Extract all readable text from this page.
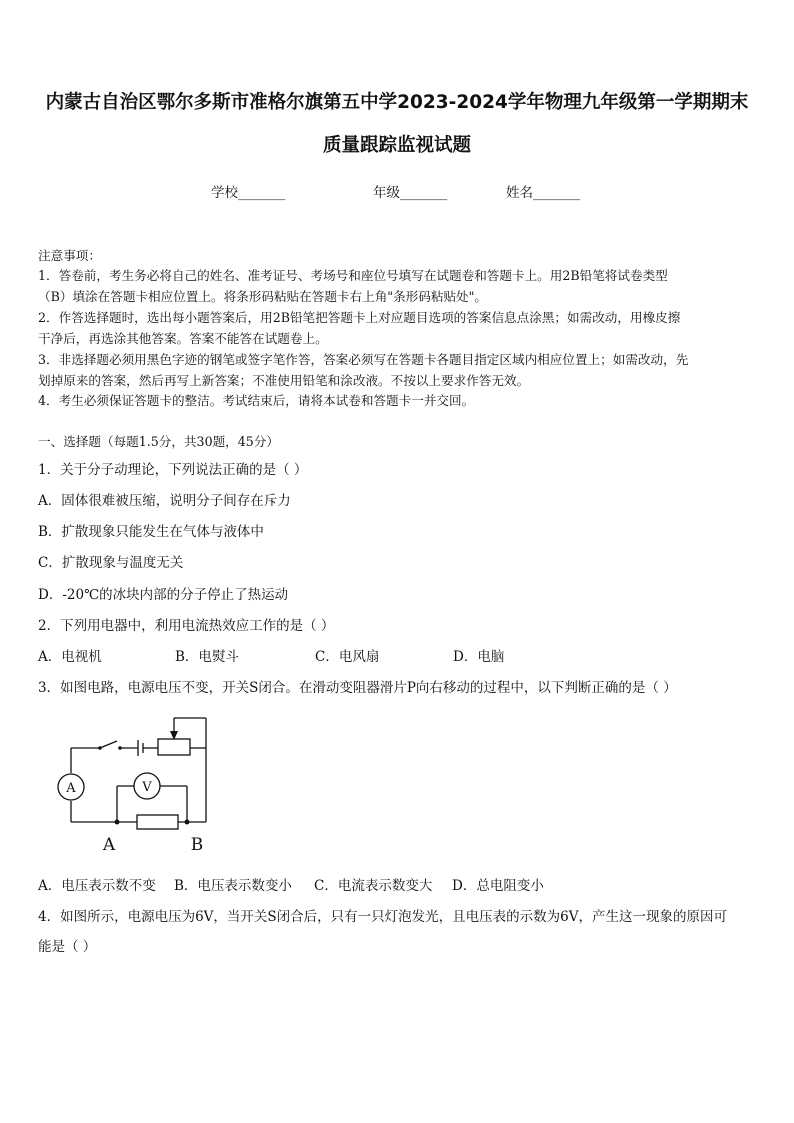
内蒙古自治区鄂尔多斯市准格尔旗第五中学2023-2024学年物理九年级第一学期期末
质量跟踪监视试题
学校_______	年级_______	姓名_______
注意事项：
1．答卷前，考生务必将自己的姓名、准考证号、考场号和座位号填写在试题卷和答题卡上。用2B铅笔将试卷类型
（B）填涂在答题卡相应位置上。将条形码粘贴在答题卡右上角"条形码粘贴处"。
2．作答选择题时，选出每小题答案后，用2B铅笔把答题卡上对应题目选项的答案信息点涂黑；如需改动，用橡皮擦
干净后，再选涂其他答案。答案不能答在试题卷上。
3．非选择题必须用黑色字迹的钢笔或签字笔作答，答案必须写在答题卡各题目指定区域内相应位置上；如需改动，先
划掉原来的答案，然后再写上新答案；不准使用铅笔和涂改液。不按以上要求作答无效。
4．考生必须保证答题卡的整洁。考试结束后，请将本试卷和答题卡一并交回。
一、选择题（每题1.5分，共30题，45分）
1．关于分子动理论，下列说法正确的是（ ）
A．固体很难被压缩，说明分子间存在斥力
B．扩散现象只能发生在气体与液体中
C．扩散现象与温度无关
D．-20℃的冰块内部的分子停止了热运动
2．下列用电器中，利用电流热效应工作的是（ ）
A．电视机	B．电熨斗	C．电风扇	D．电脑
3．如图电路，电源电压不变，开关S闭合。在滑动变阻器滑片P向右移动的过程中，以下判断正确的是（ ）
A	V
A	B
A．电压表示数不变 B．电压表示数变小 C．电流表示数变大 D．总电阻变小
4．如图所示，电源电压为6V，当开关S闭合后，只有一只灯泡发光，且电压表的示数为6V，产生这一现象的原因可
能是（ ）
